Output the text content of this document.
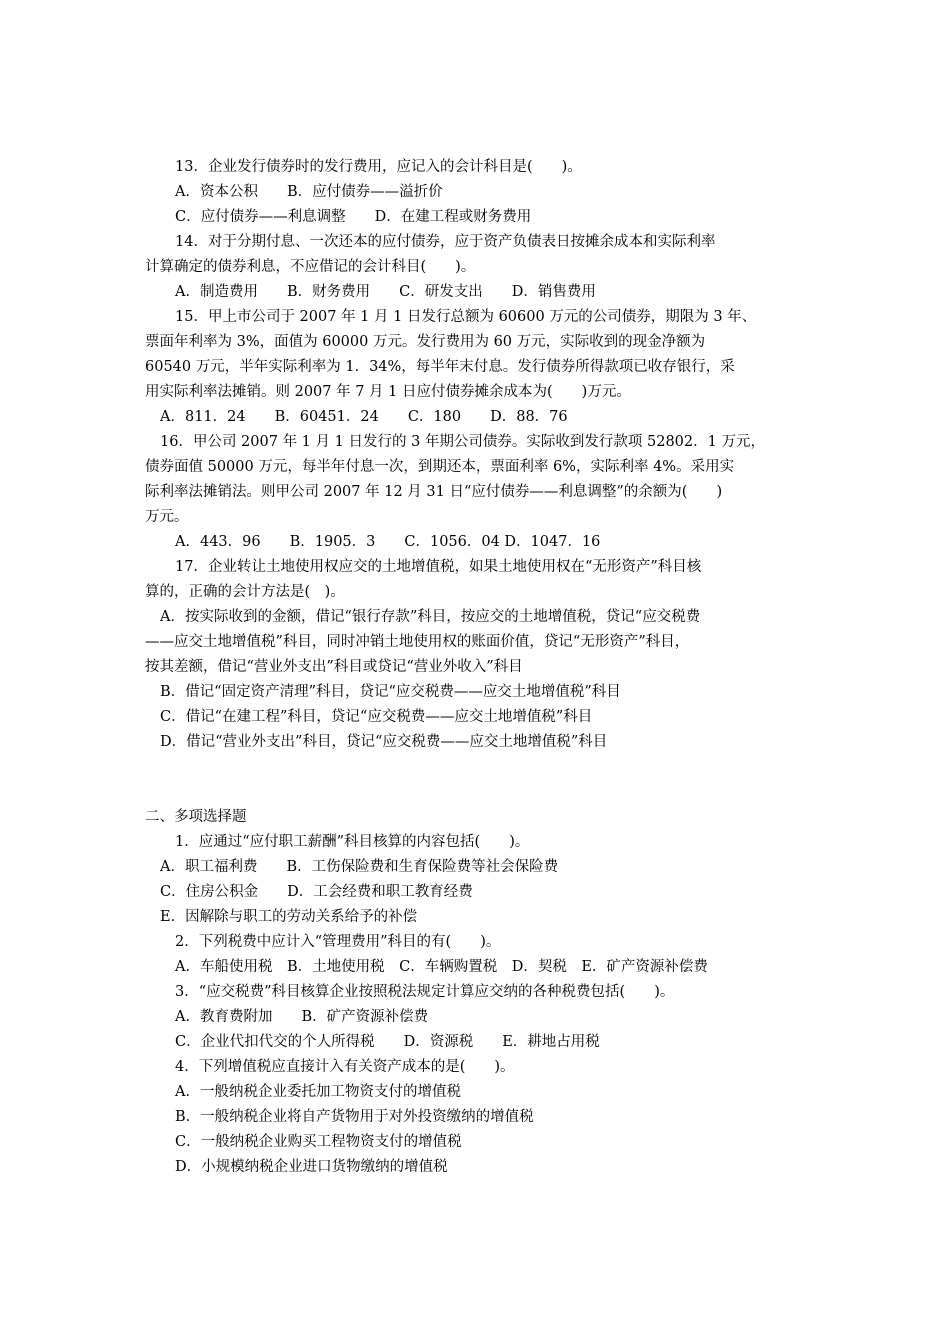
13．企业发行债券时的发行费用，应记入的会计科目是(　　)。
A．资本公积　　B．应付债券——溢折价
C．应付债券——利息调整　　D．在建工程或财务费用
14．对于分期付息、一次还本的应付债券，应于资产负债表日按摊余成本和实际利率
计算确定的债券利息，不应借记的会计科目(　　)。
A．制造费用　　B．财务费用　　C．研发支出　　D．销售费用
15．甲上市公司于 2007 年 1 月 1 日发行总额为 60600 万元的公司债券，期限为 3 年、
票面年利率为 3%，面值为 60000 万元。发行费用为 60 万元，实际收到的现金净额为
60540 万元，半年实际利率为 1．34%，每半年末付息。发行债券所得款项已收存银行，采
用实际利率法摊销。则 2007 年 7 月 1 日应付债券摊余成本为(　　)万元。
A．811．24　　B．60451．24　　C．180　　D．88．76
16．甲公司 2007 年 1 月 1 日发行的 3 年期公司债券。实际收到发行款项 52802．1 万元，
债券面值 50000 万元，每半年付息一次，到期还本，票面利率 6%，实际利率 4%。采用实
际利率法摊销法。则甲公司 2007 年 12 月 31 日“应付债券——利息调整”的余额为(　　)
万元。
A．443．96　　B．1905．3　　C．1056．04 D．1047．16
17．企业转让土地使用权应交的土地增值税，如果土地使用权在“无形资产”科目核
算的，正确的会计方法是(　)。
A．按实际收到的金额，借记“银行存款”科目，按应交的土地增值税，贷记“应交税费
——应交土地增值税”科目，同时冲销土地使用权的账面价值，贷记“无形资产”科目，
按其差额，借记“营业外支出”科目或贷记“营业外收入”科目
B．借记“固定资产清理”科目，贷记“应交税费——应交土地增值税”科目
C．借记“在建工程”科目，贷记“应交税费——应交土地增值税”科目
D．借记“营业外支出”科目，贷记“应交税费——应交土地增值税”科目
二、多项选择题
1．应通过“应付职工薪酬”科目核算的内容包括(　　)。
A．职工福利费　　B．工伤保险费和生育保险费等社会保险费
C．住房公积金　　D．工会经费和职工教育经费
E．因解除与职工的劳动关系给予的补偿
2．下列税费中应计入“管理费用”科目的有(　　)。
A．车船使用税　B．土地使用税　C．车辆购置税　D．契税　E．矿产资源补偿费
3．“应交税费”科目核算企业按照税法规定计算应交纳的各种税费包括(　　)。
A．教育费附加　　B．矿产资源补偿费
C．企业代扣代交的个人所得税　　D．资源税　　E．耕地占用税
4．下列增值税应直接计入有关资产成本的是(　　)。
A．一般纳税企业委托加工物资支付的增值税
B．一般纳税企业将自产货物用于对外投资缴纳的增值税
C．一般纳税企业购买工程物资支付的增值税
D．小规模纳税企业进口货物缴纳的增值税
